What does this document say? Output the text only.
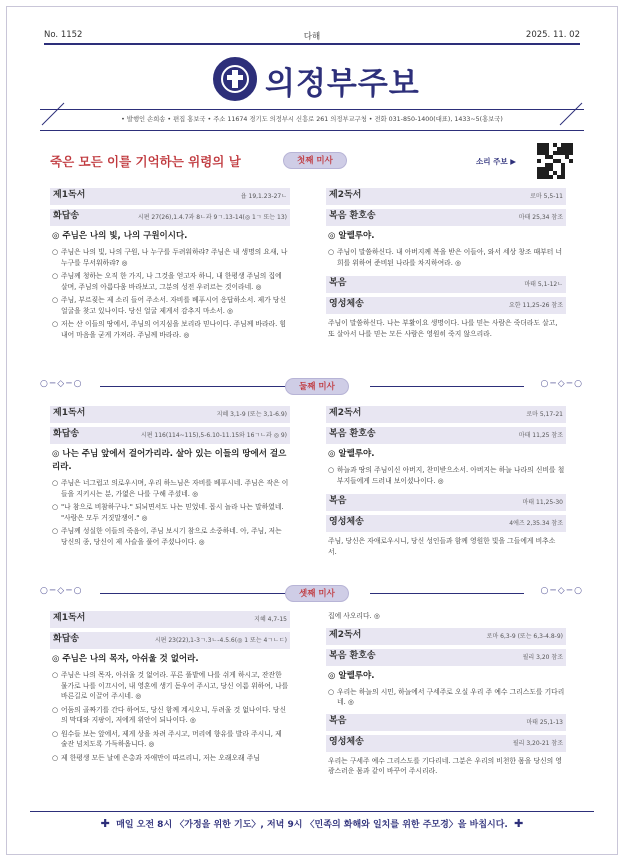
No. 1152	다해	2025. 11. 02
의정부주보
• 발행인 손희송 • 편집 홍보국 • 주소 11674 경기도 의정부시 신흥로 261 의정부교구청 • 전화 031-850-1400(대표), 1433~5(홍보국)
죽은 모든 이를 기억하는 위령의 날	첫째 미사	소리 주보 ▶
제1독서	욥 19,1.23-27ㄴ
화답송	시편 27(26),1.4.7과 8ㄴ과 9ㄱ.13-14(◎ 1ㄱ 또는 13)
◎ 주님은 나의 빛, 나의 구원이시다.
○ 주님은 나의 빛, 나의 구원, 나 누구를 두려워하랴? 주님은 내 생명의 요새, 나 누구를 무서워하랴? ◎
○ 주님께 청하는 오직 한 가지, 나 그것을 얻고자 하니, 내 한평생 주님의 집에 살며, 주님의 아름다움 바라보고, 그분의 성전 우러르는 것이라네. ◎
○ 주님, 부르짖는 제 소리 들어 주소서. 자비를 베푸시어 응답하소서. 제가 당신 얼굴을 찾고 있나이다. 당신 얼굴 제게서 감추지 마소서. ◎
○ 저는 산 이들의 땅에서, 주님의 어지심을 보리라 믿나이다. 주님께 바라라. 힘내어 마음을 굳게 가져라. 주님께 바라라. ◎
제2독서	로마 5,5-11
복음 환호송	마태 25,34 참조
◎ 알렐루야.
○ 주님이 말씀하신다. 내 아버지께 복을 받은 이들아, 와서 세상 창조 때부터 너희를 위하여 준비된 나라를 차지하여라. ◎
복음	마태 5,1-12ㄴ
영성체송	요한 11,25-26 참조
주님이 말씀하신다. 나는 부활이요 생명이다. 나를 믿는 사람은 죽더라도 살고, 또 살아서 나를 믿는 모든 사람은 영원히 죽지 않으리라.
○─◇─○	○─◇─○
둘째 미사
제1독서	지혜 3,1-9 (또는 3,1-6.9)
화답송	시편 116(114~115),5-6.10-11.15와 16ㄱㄴ과 ◎ 9)
◎ 나는 주님 앞에서 걸어가리라. 살아 있는 이들의 땅에서 걸으리라.
○ 주님은 너그럽고 의로우시며, 우리 하느님은 자비를 베푸시네. 주님은 작은 이들을 지키시는 분, 가엾은 나를 구해 주셨네. ◎
○ "나 참으로 비참하구나." 되뇌면서도 나는 믿었네. 몹시 놀라 나는 말하였네. "사람은 모두 거짓말쟁이." ◎
○ 주님께 성실한 이들의 죽음이, 주님 보시기 참으로 소중하네. 아, 주님, 저는 당신의 종, 당신이 제 사슬을 풀어 주셨나이다. ◎
제2독서	로마 5,17-21
복음 환호송	마태 11,25 참조
◎ 알렐루야.
○ 하늘과 땅의 주님이신 아버지, 찬미받으소서. 아버지는 하늘 나라의 신비를 철부지들에게 드러내 보이셨나이다. ◎
복음	마태 11,25-30
영성체송	4에즈 2,35.34 참조
주님, 당신은 자애로우시니, 당신 성인들과 함께 영원한 빛을 그들에게 비추소서.
○─◇─○	○─◇─○
셋째 미사
제1독서	지혜 4,7-15
화답송	시편 23(22),1-3ㄱ.3ㄴ-4.5.6(◎ 1 또는 4ㄱㄴㄷ)
◎ 주님은 나의 목자, 아쉬울 것 없어라.
○ 주님은 나의 목자, 아쉬울 것 없어라. 푸른 풀밭에 나를 쉬게 하시고, 잔잔한 물가로 나를 이끄시어, 내 영혼에 생기 돋우어 주시고, 당신 이름 위하여, 나를 바른길로 이끌어 주시네. ◎
○ 어둠의 골짜기를 간다 하여도, 당신 함께 계시오니, 두려울 것 없나이다. 당신의 막대와 지팡이, 저에게 위안이 되나이다. ◎
○ 원수들 보는 앞에서, 제게 상을 차려 주시고, 머리에 향유를 발라 주시니, 제 술잔 넘치도록 가득하옵니다. ◎
○ 제 한평생 모든 날에 은총과 자애만이 따르리니, 저는 오래오래 주님
집에 사오리다. ◎
제2독서	로마 6,3-9 (또는 6,3-4.8-9)
복음 환호송	필리 3,20 참조
◎ 알렐루야.
○ 우리는 하늘의 시민, 하늘에서 구세주로 오실 우리 주 예수 그리스도를 기다리네. ◎
복음	마태 25,1-13
영성체송	필리 3,20-21 참조
우리는 구세주 예수 그리스도를 기다리네. 그분은 우리의 비천한 몸을 당신의 영광스러운 몸과 같이 바꾸어 주시리라.
✚ 매일 오전 8시 〈가정을 위한 기도〉, 저녁 9시 〈민족의 화해와 일치를 위한 주모경〉을 바칩시다. ✚
